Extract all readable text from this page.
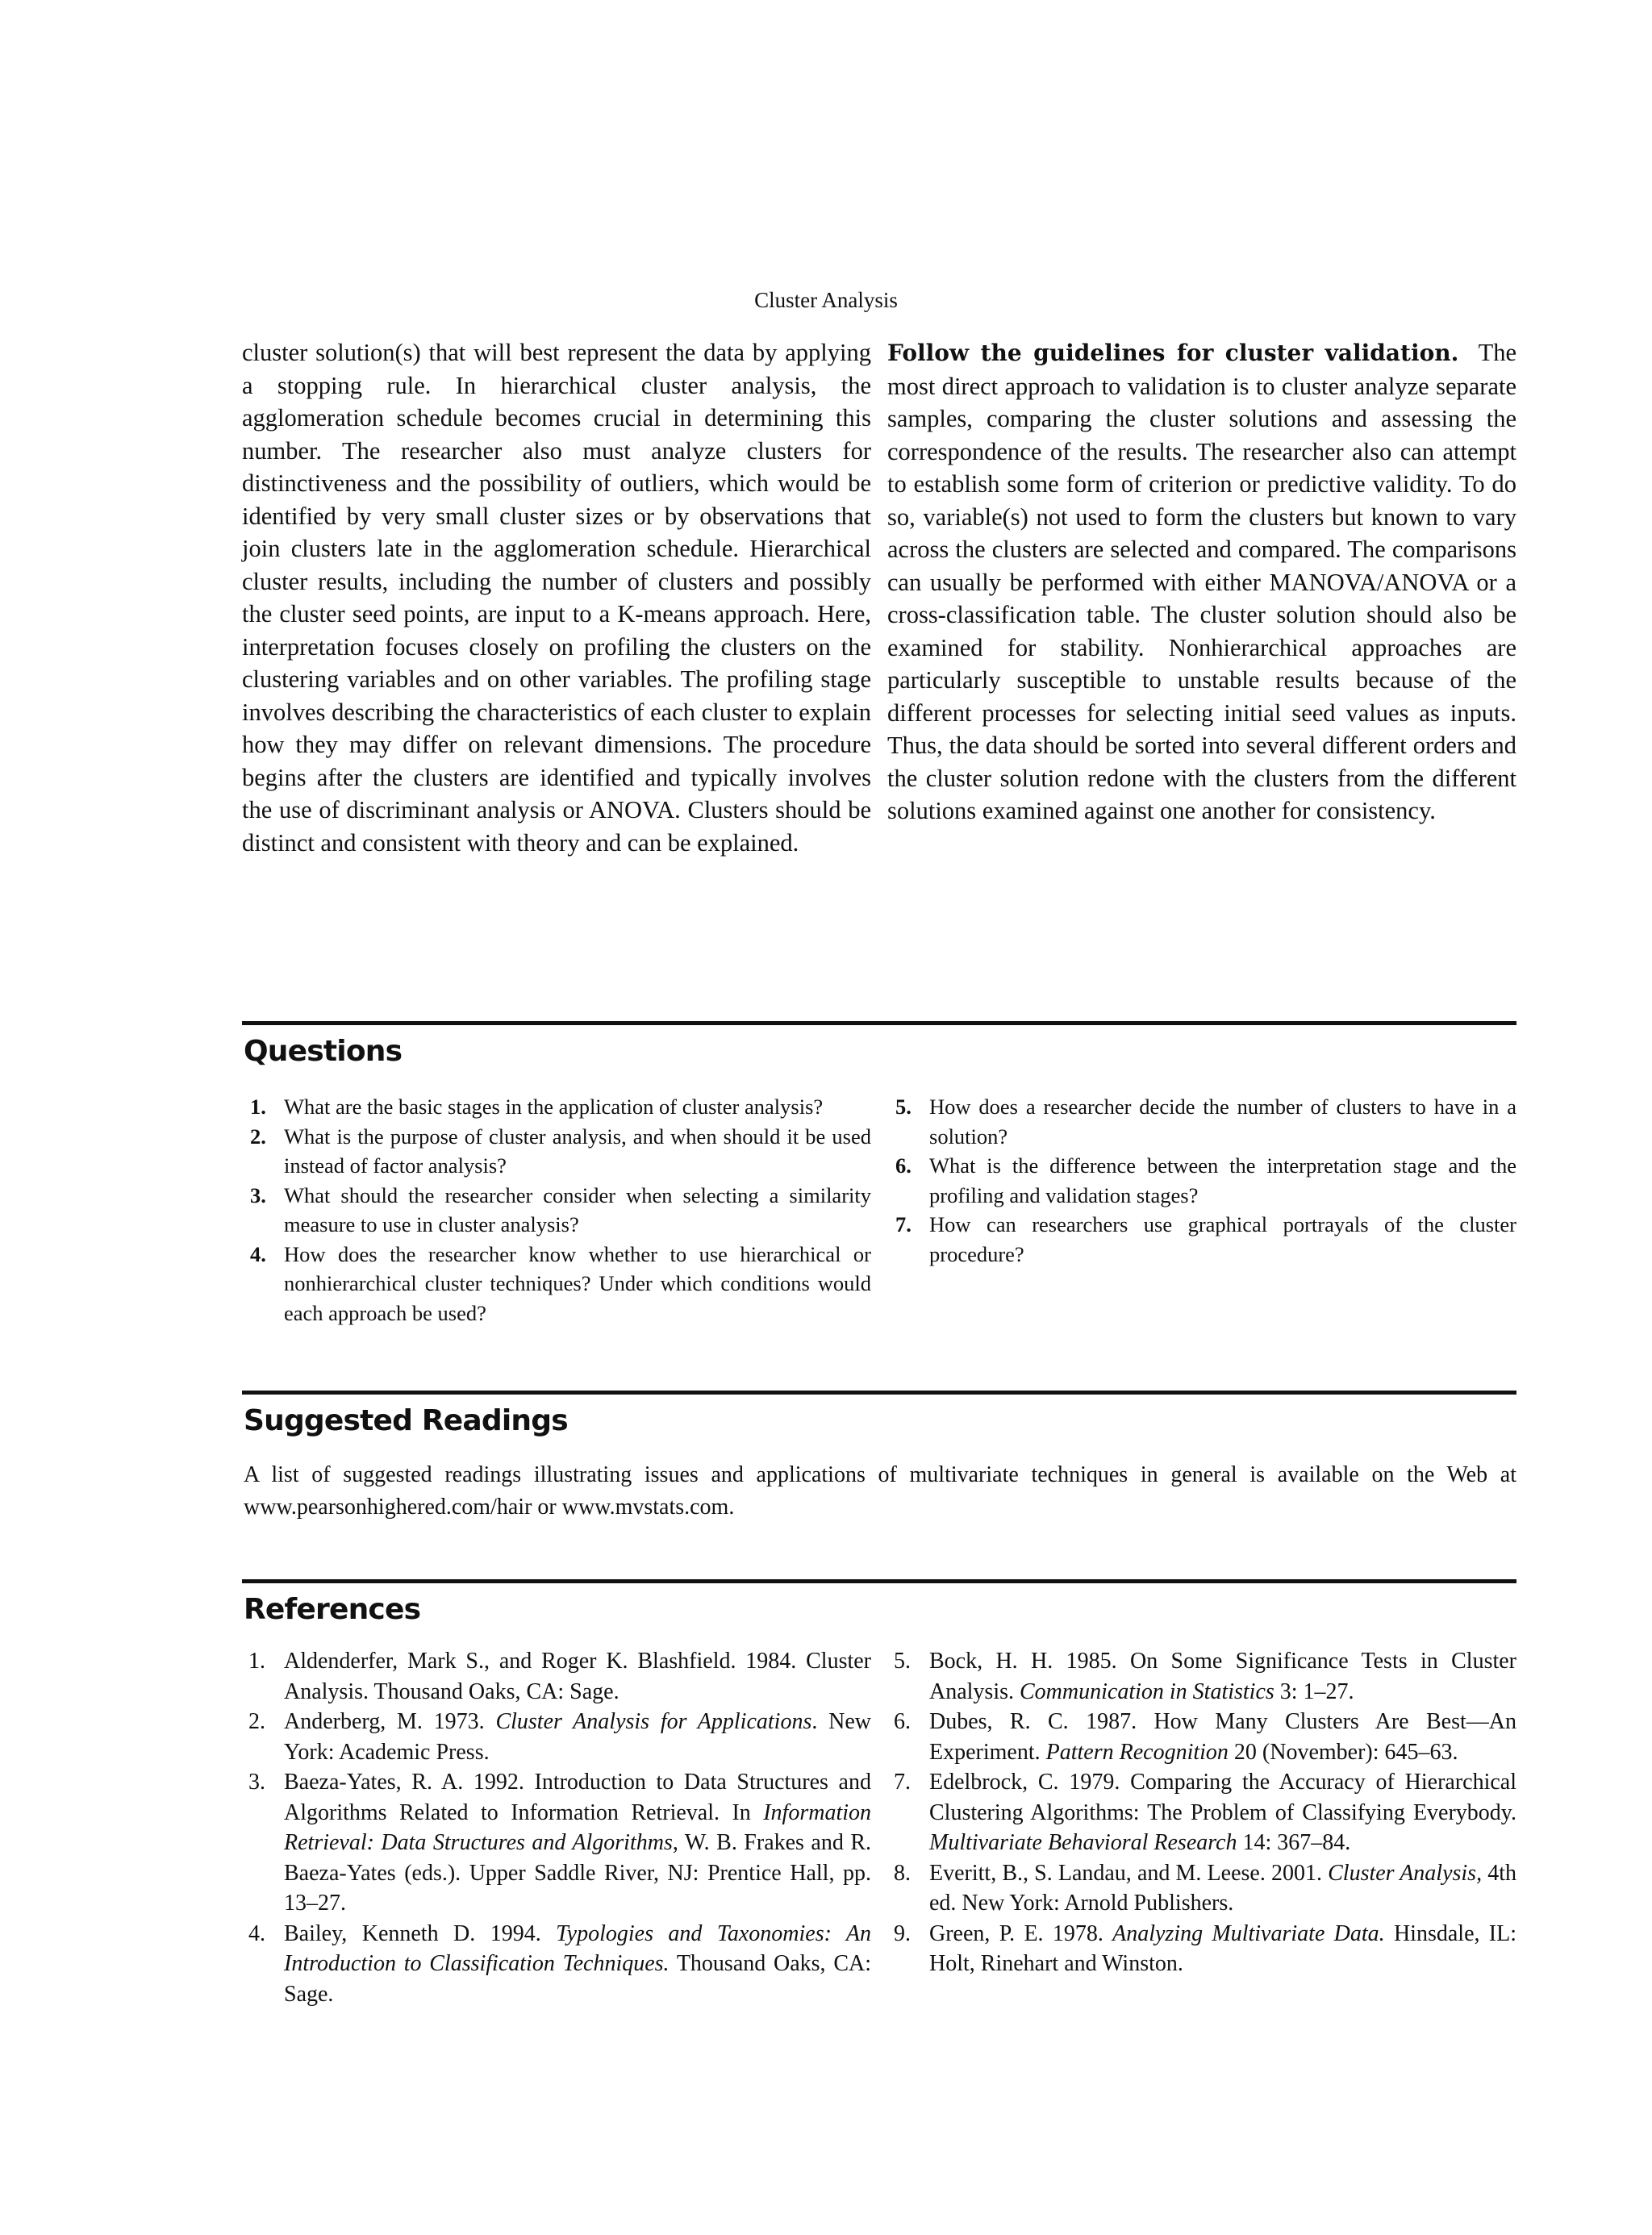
Cluster Analysis

cluster solution(s) that will best represent the data by applying a stopping rule. In hierarchical cluster analysis, the agglomeration schedule becomes crucial in determining this number. The researcher also must analyze clusters for distinctiveness and the possibility of outliers, which would be identified by very small cluster sizes or by observations that join clusters late in the agglomeration schedule. Hierarchical cluster results, including the number of clusters and possibly the cluster seed points, are input to a K-means approach. Here, interpretation focuses closely on profiling the clusters on the clustering variables and on other variables. The profiling stage involves describing the characteristics of each cluster to explain how they may differ on relevant dimensions. The procedure begins after the clusters are identified and typically involves the use of discriminant analysis or ANOVA. Clusters should be distinct and consistent with theory and can be explained.

Follow the guidelines for cluster validation. The most direct approach to validation is to cluster analyze separate samples, comparing the cluster solutions and assessing the correspondence of the results. The researcher also can attempt to establish some form of criterion or predictive validity. To do so, variable(s) not used to form the clusters but known to vary across the clusters are selected and compared. The comparisons can usually be performed with either MANOVA/ANOVA or a cross-classification table. The cluster solution should also be examined for stability. Nonhierarchical approaches are particularly susceptible to unstable results because of the different processes for selecting initial seed values as inputs. Thus, the data should be sorted into several different orders and the cluster solution redone with the clusters from the different solutions examined against one another for consistency.

Questions
1. What are the basic stages in the application of cluster analysis?
2. What is the purpose of cluster analysis, and when should it be used instead of factor analysis?
3. What should the researcher consider when selecting a similarity measure to use in cluster analysis?
4. How does the researcher know whether to use hierarchical or nonhierarchical cluster techniques? Under which conditions would each approach be used?
5. How does a researcher decide the number of clusters to have in a solution?
6. What is the difference between the interpretation stage and the profiling and validation stages?
7. How can researchers use graphical portrayals of the cluster procedure?
Suggested Readings

A list of suggested readings illustrating issues and applications of multivariate techniques in general is available on the Web at www.pearsonhighered.com/hair or www.mvstats.com.

References
1. Aldenderfer, Mark S., and Roger K. Blashfield. 1984. Cluster Analysis. Thousand Oaks, CA: Sage.
2. Anderberg, M. 1973. Cluster Analysis for Applications. New York: Academic Press.
3. Baeza-Yates, R. A. 1992. Introduction to Data Structures and Algorithms Related to Information Retrieval. In Information Retrieval: Data Structures and Algorithms, W. B. Frakes and R. Baeza-Yates (eds.). Upper Saddle River, NJ: Prentice Hall, pp. 13–27.
4. Bailey, Kenneth D. 1994. Typologies and Taxonomies: An Introduction to Classification Techniques. Thousand Oaks, CA: Sage.
5. Bock, H. H. 1985. On Some Significance Tests in Cluster Analysis. Communication in Statistics 3: 1–27.
6. Dubes, R. C. 1987. How Many Clusters Are Best—An Experiment. Pattern Recognition 20 (November): 645–63.
7. Edelbrock, C. 1979. Comparing the Accuracy of Hierarchical Clustering Algorithms: The Problem of Classifying Everybody. Multivariate Behavioral Research 14: 367–84.
8. Everitt, B., S. Landau, and M. Leese. 2001. Cluster Analysis, 4th ed. New York: Arnold Publishers.
9. Green, P. E. 1978. Analyzing Multivariate Data. Hinsdale, IL: Holt, Rinehart and Winston.
